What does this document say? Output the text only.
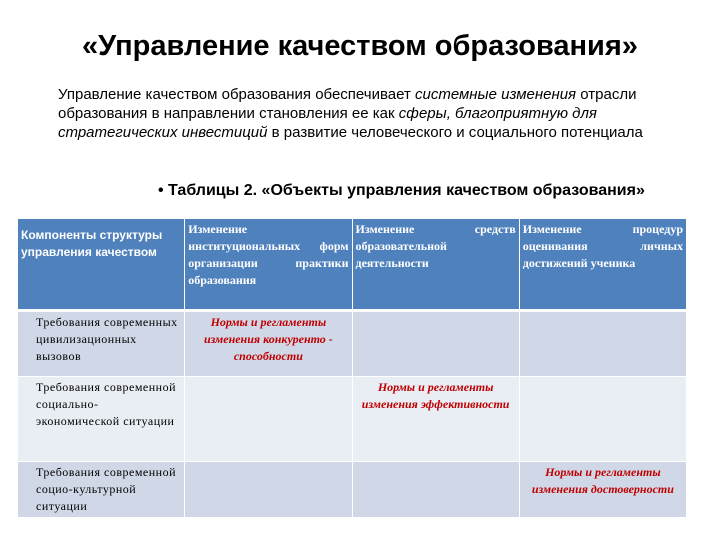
«Управление качеством образования»
Управление качеством образования обеспечивает системные изменения отрасли образования в направлении становления ее как сферы, благоприятную для стратегических инвестиций в развитие человеческого и социального потенциала
• Таблицы 2. «Объекты управления качеством образования»
Компоненты структуры управления качеством	Изменение институциональных форм организации практики образования	Изменение средств образовательной деятельности	Изменение процедур оценивания личных достижений ученика
Требования современных цивилизационных вызовов	Нормы и регламенты изменения конкуренто - способности		
Требования современной социально-экономической ситуации		Нормы и регламенты изменения эффективности	
Требования современной социо-культурной ситуации			Нормы и регламенты изменения достоверности
